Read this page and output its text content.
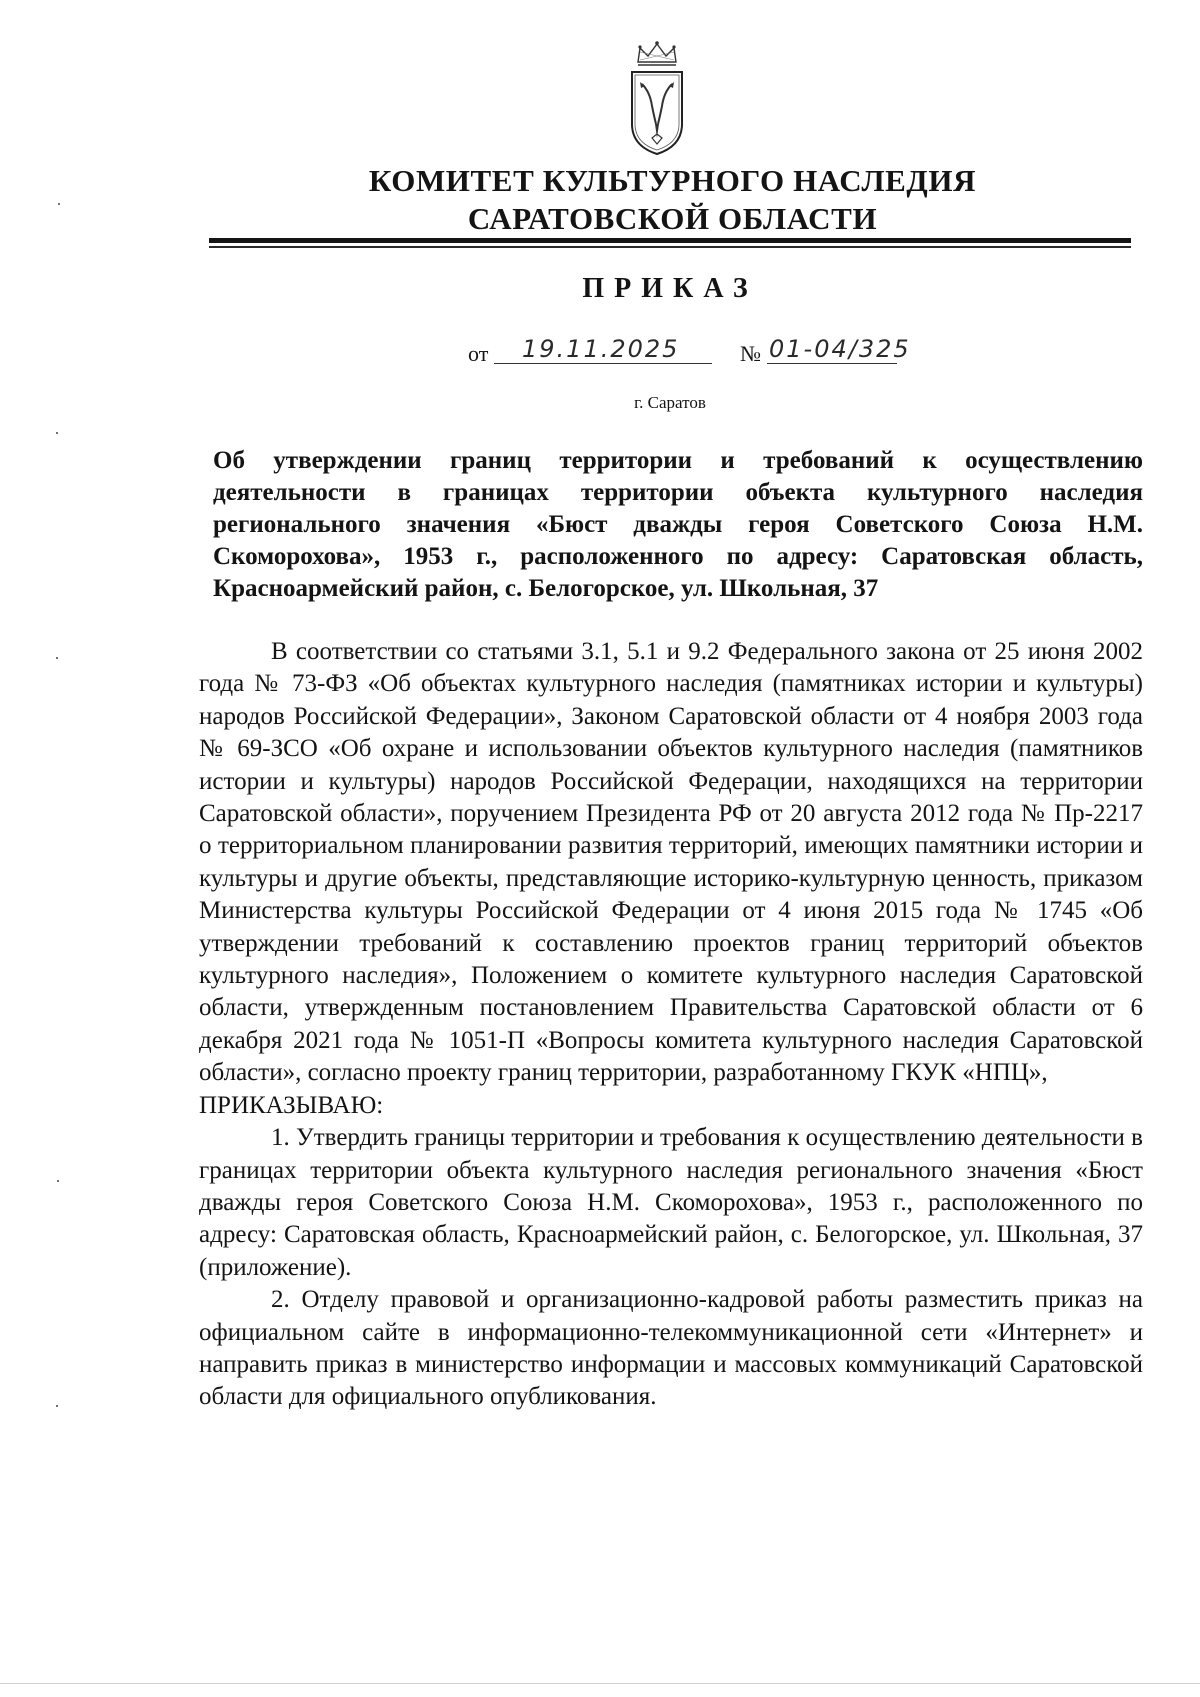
КОМИТЕТ КУЛЬТУРНОГО НАСЛЕДИЯ
САРАТОВСКОЙ ОБЛАСТИ
ПРИКАЗ
от 19.11.2025	№ 01-04/325
г. Саратов
Об утверждении границ территории и требований к осуществлению деятельности в границах территории объекта культурного наследия регионального значения «Бюст дважды героя Советского Союза Н.М. Скоморохова», 1953 г., расположенного по адресу: Саратовская область, Красноармейский район, с. Белогорское, ул. Школьная, 37

В соответствии со статьями 3.1, 5.1 и 9.2 Федерального закона от 25 июня 2002 года № 73-ФЗ «Об объектах культурного наследия (памятниках истории и культуры) народов Российской Федерации», Законом Саратовской области от 4 ноября 2003 года № 69-ЗСО «Об охране и использовании объектов культурного наследия (памятников истории и культуры) народов Российской Федерации, находящихся на территории Саратовской области», поручением Президента РФ от 20 августа 2012 года № Пр-2217 о территориальном планировании развития территорий, имеющих памятники истории и культуры и другие объекты, представляющие историко-культурную ценность, приказом Министерства культуры Российской Федерации от 4 июня 2015 года № 1745 «Об утверждении требований к составлению проектов границ территорий объектов культурного наследия», Положением о комитете культурного наследия Саратовской области, утвержденным постановлением Правительства Саратовской области от 6 декабря 2021 года № 1051-П «Вопросы комитета культурного наследия Саратовской области», согласно проекту границ территории, разработанному ГКУК «НПЦ»,

ПРИКАЗЫВАЮ:

1. Утвердить границы территории и требования к осуществлению деятельности в границах территории объекта культурного наследия регионального значения «Бюст дважды героя Советского Союза Н.М. Скоморохова», 1953 г., расположенного по адресу: Саратовская область, Красноармейский район, с. Белогорское, ул. Школьная, 37 (приложение).

2. Отделу правовой и организационно-кадровой работы разместить приказ на официальном сайте в информационно-телекоммуникационной сети «Интернет» и направить приказ в министерство информации и массовых коммуникаций Саратовской области для официального опубликования.
